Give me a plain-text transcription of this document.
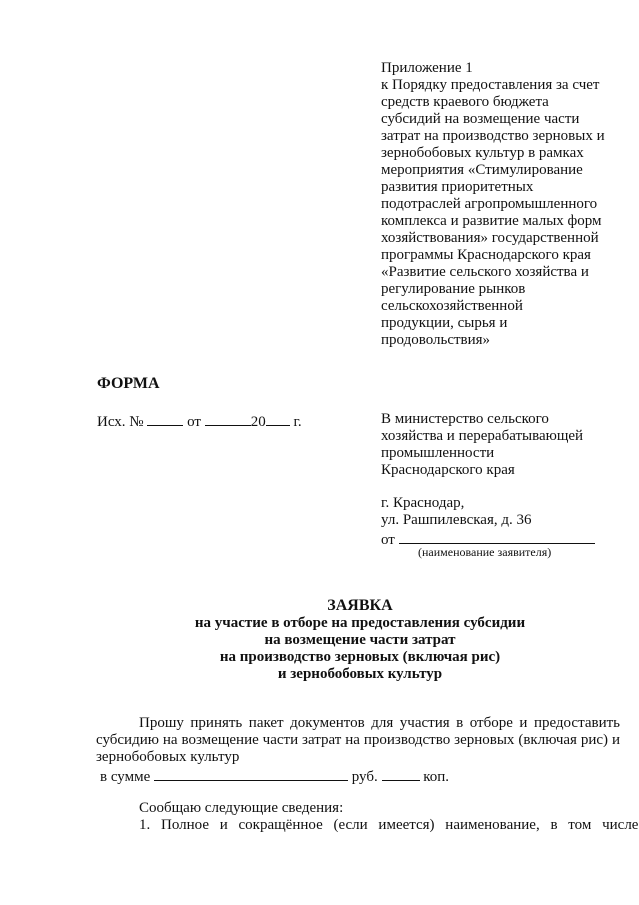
Приложение 1
к Порядку предоставления за счет
средств краевого бюджета
субсидий на возмещение части
затрат на производство зерновых и
зернобобовых культур в рамках
мероприятия «Стимулирование
развития приоритетных
подотраслей агропромышленного
комплекса и развитие малых форм
хозяйствования» государственной
программы Краснодарского края
«Развитие сельского хозяйства и
регулирование рынков
сельскохозяйственной
продукции, сырья и
продовольствия»
ФОРМА
Исх. №	от	20 г.	В министерство сельского
хозяйства и перерабатывающей
промышленности
Краснодарского края
г. Краснодар,
ул. Рашпилевская, д. 36
от
(наименование заявителя)
ЗАЯВКА
на участие в отборе на предоставления субсидии
на возмещение части затрат
на производство зерновых (включая рис)
и зернобобовых культур

Прошу принять пакет документов для участия в отборе и предоставить субсидию на возмещение части затрат на производство зерновых (включая рис) и зернобобовых культур

в сумме	руб.	коп.
Сообщаю следующие сведения:
1. Полное и сокращённое (если имеется) наименование, в том числе
